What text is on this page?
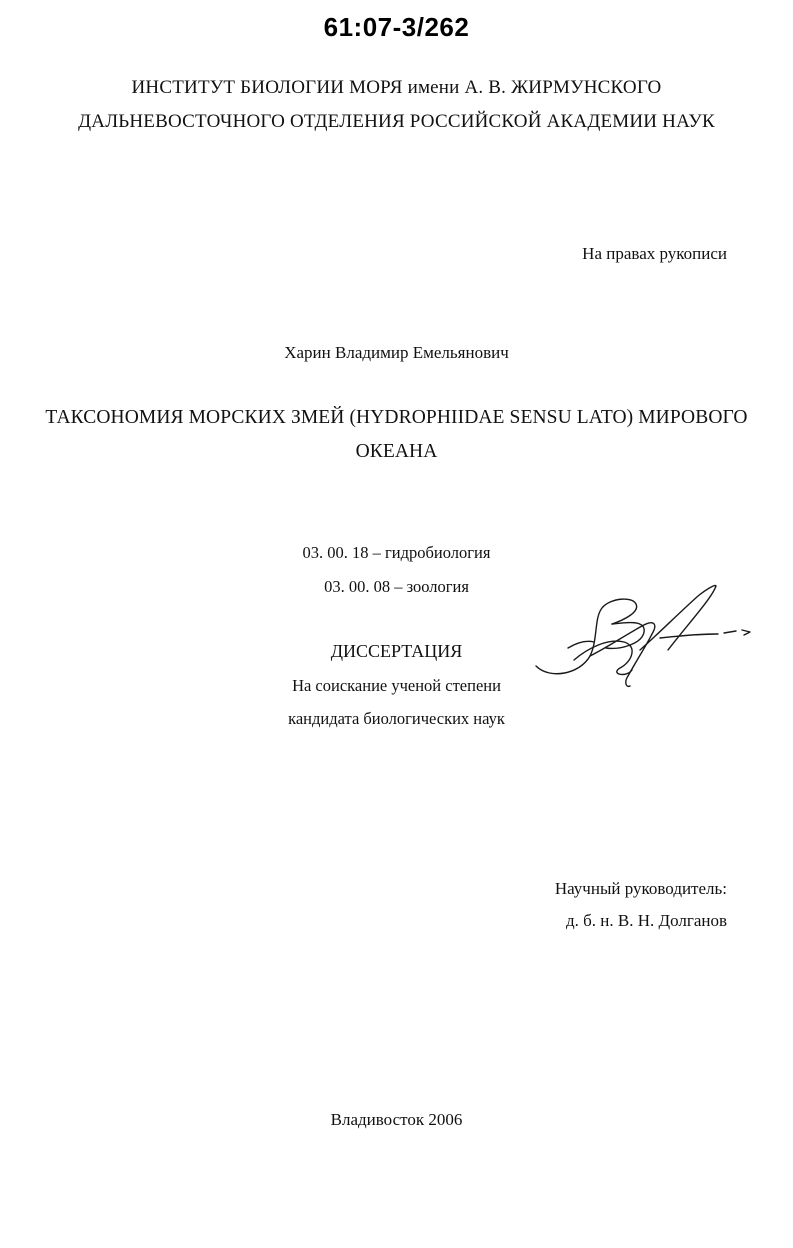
61:07-3/262
ИНСТИТУТ БИОЛОГИИ МОРЯ имени А. В. ЖИРМУНСКОГО
ДАЛЬНЕВОСТОЧНОГО ОТДЕЛЕНИЯ РОССИЙСКОЙ АКАДЕМИИ НАУК
На правах рукописи
Харин Владимир Емельянович
ТАКСОНОМИЯ МОРСКИХ ЗМЕЙ (HYDROPHIIDAE SENSU LATO) МИРОВОГО
ОКЕАНА
03. 00. 18 – гидробиология
03. 00. 08 – зоология
ДИССЕРТАЦИЯ
На соискание ученой степени
кандидата биологических наук
Научный руководитель:
д. б. н. В. Н. Долганов
Владивосток 2006
